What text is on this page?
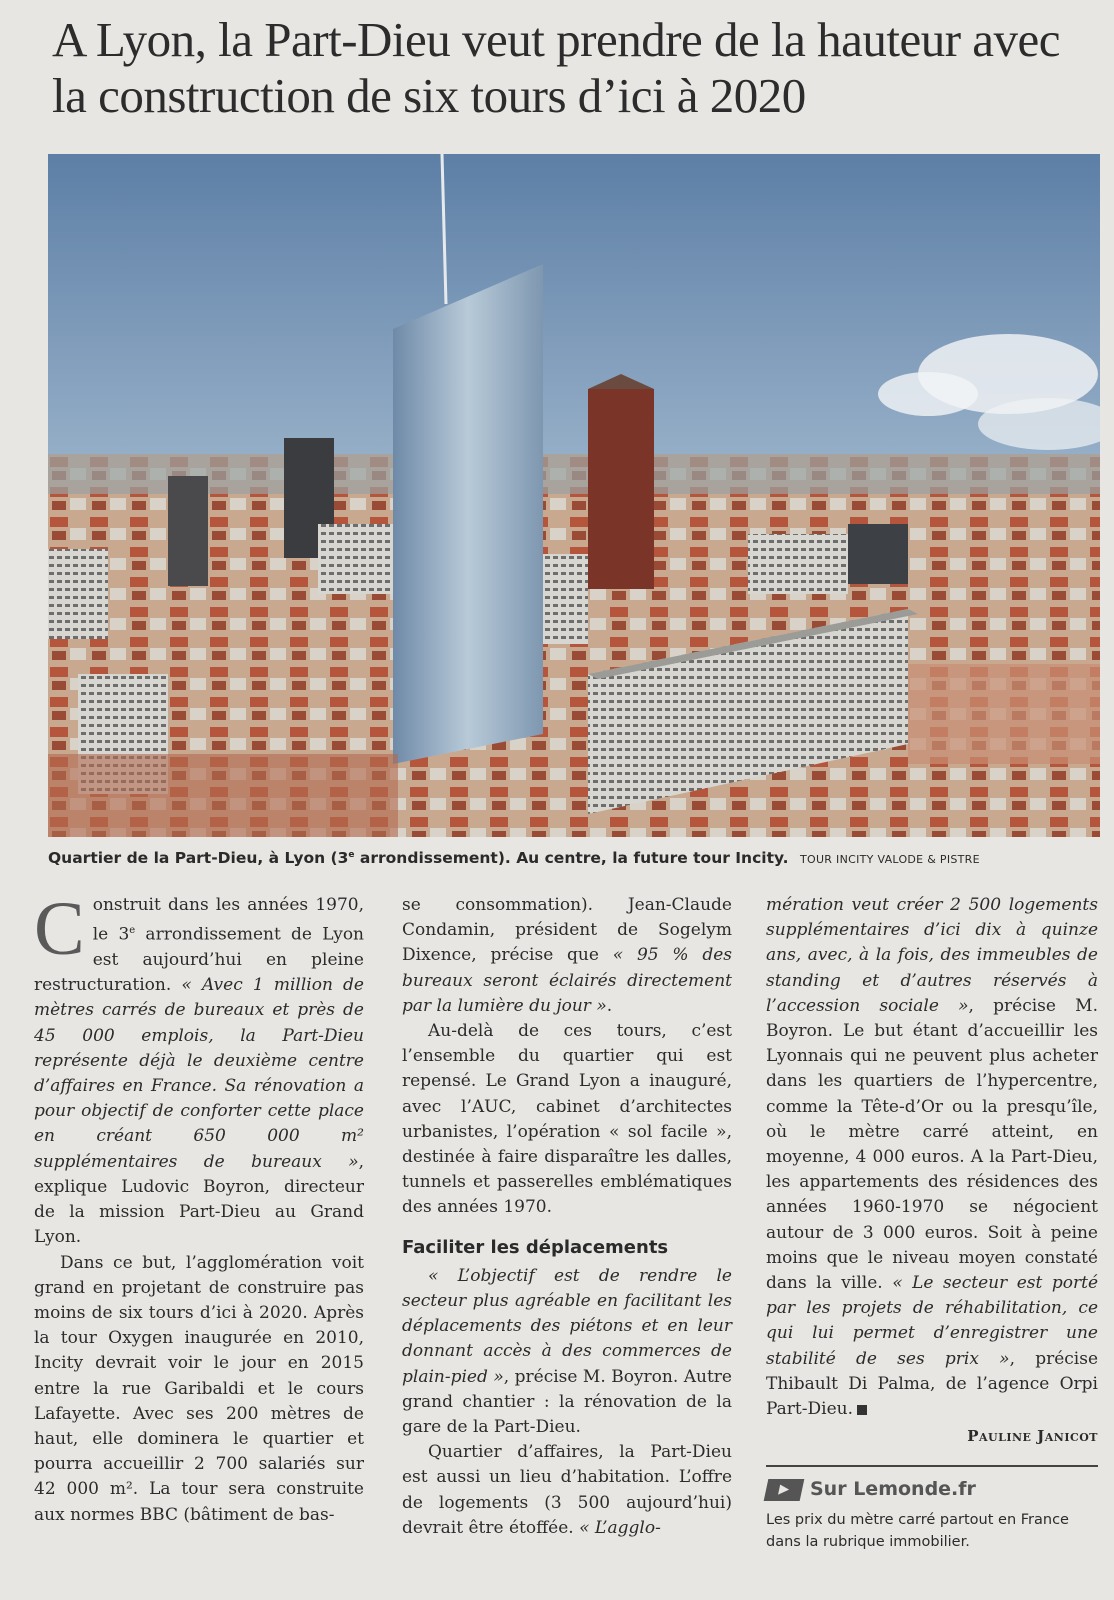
A Lyon, la Part-Dieu veut prendre de la hauteur avec la construction de six tours d’ici à 2020
Quartier de la Part-Dieu, à Lyon (3e arrondissement). Au centre, la future tour Incity. TOUR INCITY VALODE & PISTRE

Construit dans les années 1970, le 3e arrondissement de Lyon est aujourd’hui en pleine restructuration. « Avec 1 million de mètres carrés de bureaux et près de 45 000 emplois, la Part-Dieu représente déjà le deuxième centre d’affaires en France. Sa rénovation a pour objectif de conforter cette place en créant 650 000 m² supplémentaires de bureaux », explique Ludovic Boyron, directeur de la mission Part-Dieu au Grand Lyon.

Dans ce but, l’agglomération voit grand en projetant de construire pas moins de six tours d’ici à 2020. Après la tour Oxygen inaugurée en 2010, Incity devrait voir le jour en 2015 entre la rue Garibaldi et le cours Lafayette. Avec ses 200 mètres de haut, elle dominera le quartier et pourra accueillir 2 700 salariés sur 42 000 m². La tour sera construite aux normes BBC (bâtiment de bas-

se consommation). Jean-Claude Condamin, président de Sogelym Dixence, précise que « 95 % des bureaux seront éclairés directement par la lumière du jour ».

Au-delà de ces tours, c’est l’ensemble du quartier qui est repensé. Le Grand Lyon a inauguré, avec l’AUC, cabinet d’architectes urbanistes, l’opération « sol facile », destinée à faire disparaître les dalles, tunnels et passerelles emblématiques des années 1970.

Faciliter les déplacements

« L’objectif est de rendre le secteur plus agréable en facilitant les déplacements des piétons et en leur donnant accès à des commerces de plain-pied », précise M. Boyron. Autre grand chantier : la rénovation de la gare de la Part-Dieu.

Quartier d’affaires, la Part-Dieu est aussi un lieu d’habitation. L’offre de logements (3 500 aujourd’hui) devrait être étoffée. « L’agglo-

mération veut créer 2 500 logements supplémentaires d’ici dix à quinze ans, avec, à la fois, des immeubles de standing et d’autres réservés à l’accession sociale », précise M. Boyron. Le but étant d’accueillir les Lyonnais qui ne peuvent plus acheter dans les quartiers de l’hypercentre, comme la Tête-d’Or ou la presqu’île, où le mètre carré atteint, en moyenne, 4 000 euros. A la Part-Dieu, les appartements des résidences des années 1960-1970 se négocient autour de 3 000 euros. Soit à peine moins que le niveau moyen constaté dans la ville. « Le secteur est porté par les projets de réhabilitation, ce qui lui permet d’enregistrer une stabilité de ses prix », précise Thibault Di Palma, de l’agence Orpi Part-Dieu.

Pauline Janicot
▶	Sur Lemonde.fr
Les prix du mètre carré partout en France dans la rubrique immobilier.
